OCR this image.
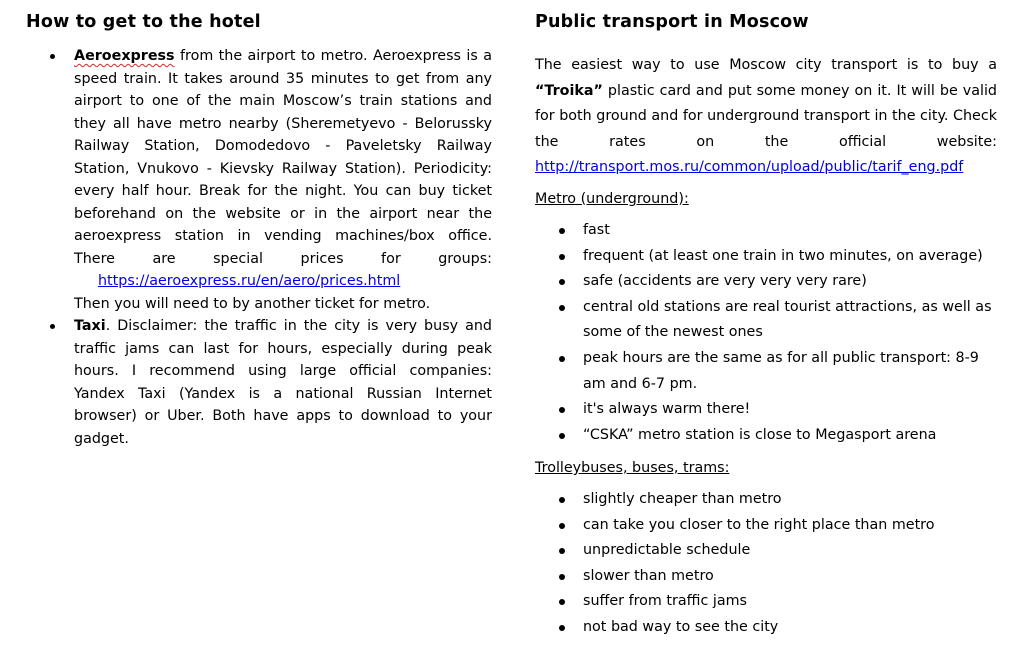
How to get to the hotel
Aeroexpress from the airport to metro. Aeroexpress is a speed train. It takes around 35 minutes to get from any airport to one of the main Moscow’s train stations and they all have metro nearby (Sheremetyevo - Belorussky Railway Station, Domodedovo - Paveletsky Railway Station, Vnukovo - Kievsky Railway Station). Periodicity: every half hour. Break for the night. You can buy ticket beforehand on the website or in the airport near the aeroexpress station in vending machines/box office. There are special prices for groups: https://aeroexpress.ru/en/aero/prices.html
Then you will need to by another ticket for metro.
Taxi. Disclaimer: the traffic in the city is very busy and traffic jams can last for hours, especially during peak hours. I recommend using large official companies: Yandex Taxi (Yandex is a national Russian Internet browser) or Uber. Both have apps to download to your gadget.
Public transport in Moscow
The easiest way to use Moscow city transport is to buy a “Troika” plastic card and put some money on it. It will be valid for both ground and for underground transport in the city. Check the rates on the official website: http://transport.mos.ru/common/upload/public/tarif_eng.pdf
Metro (underground):
fast
frequent (at least one train in two minutes, on average)
safe (accidents are very very very rare)
central old stations are real tourist attractions, as well as some of the newest ones
peak hours are the same as for all public transport: 8-9 am and 6-7 pm.
it's always warm there!
“CSKA” metro station is close to Megasport arena
Trolleybuses, buses, trams:
slightly cheaper than metro
can take you closer to the right place than metro
unpredictable schedule
slower than metro
suffer from traffic jams
not bad way to see the city
